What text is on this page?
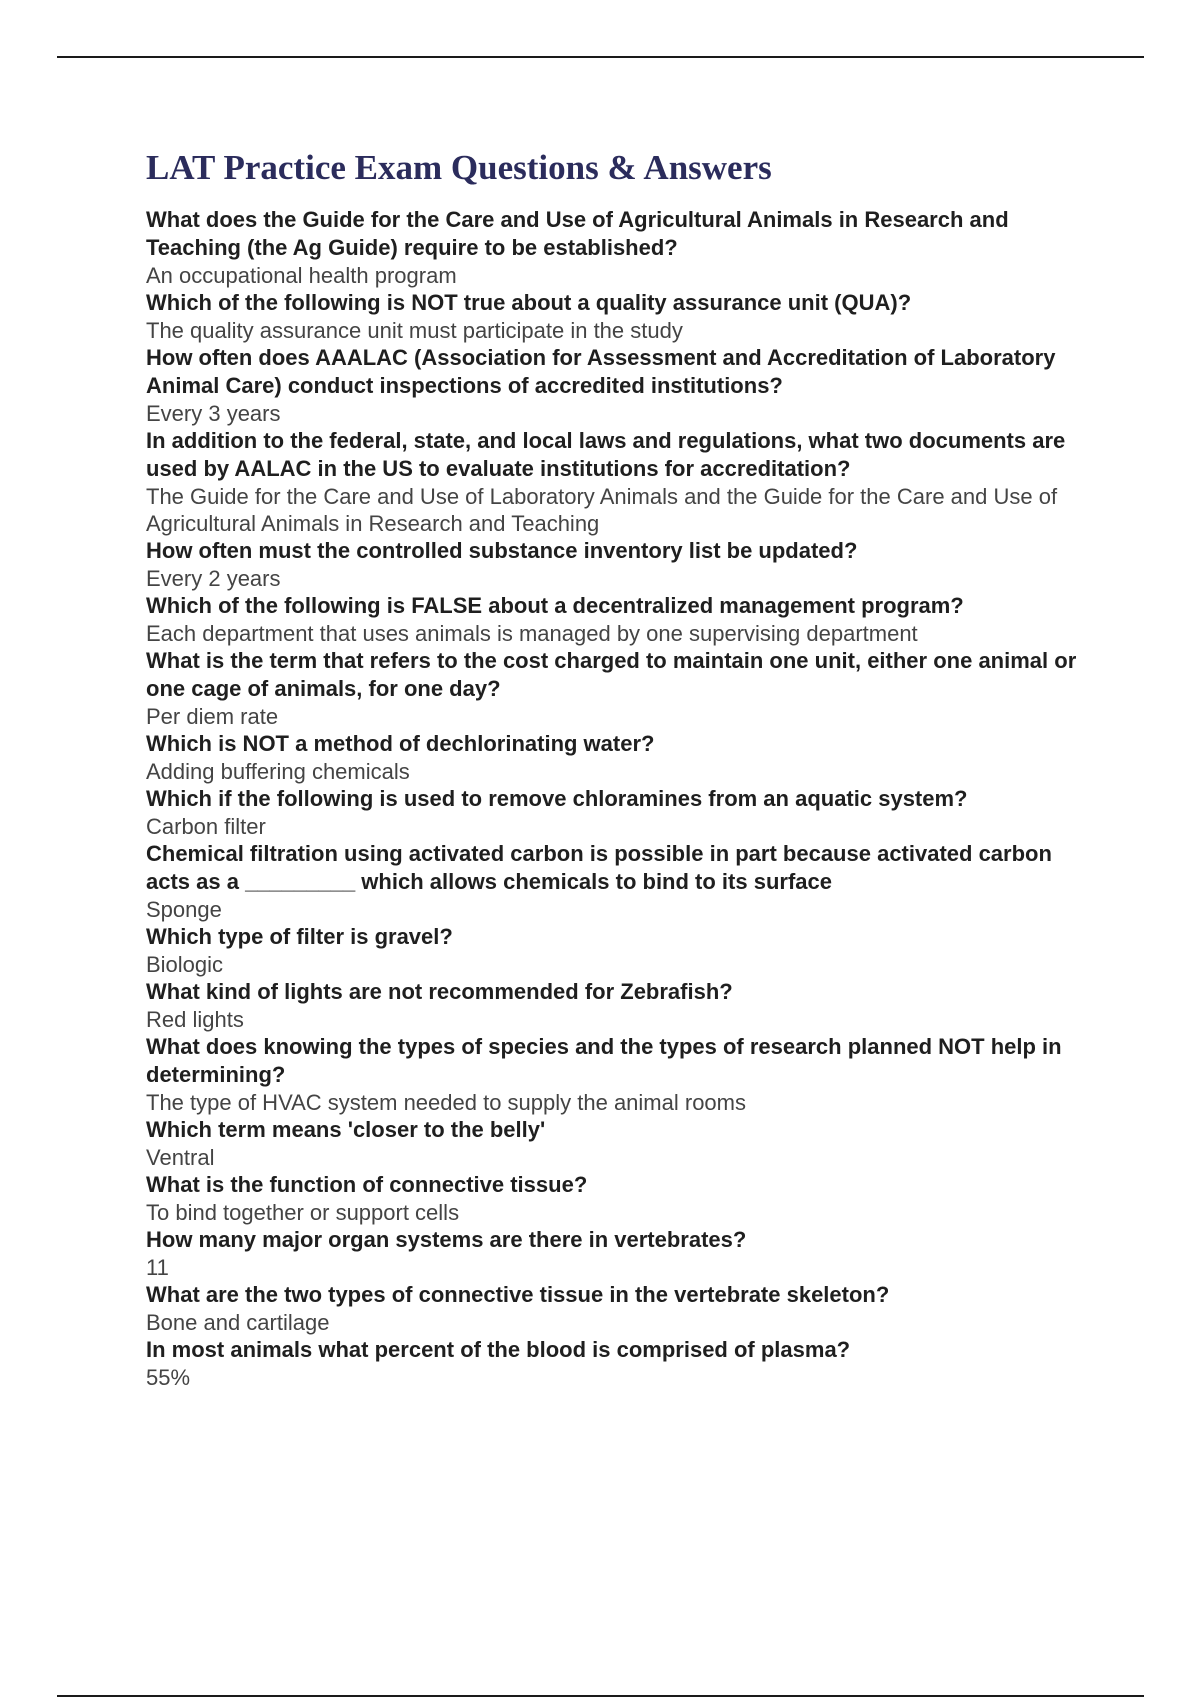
LAT Practice Exam Questions & Answers
What does the Guide for the Care and Use of Agricultural Animals in Research and Teaching (the Ag Guide) require to be established?
An occupational health program
Which of the following is NOT true about a quality assurance unit (QUA)?
The quality assurance unit must participate in the study
How often does AAALAC (Association for Assessment and Accreditation of Laboratory Animal Care) conduct inspections of accredited institutions?
Every 3 years
In addition to the federal, state, and local laws and regulations, what two documents are used by AALAC in the US to evaluate institutions for accreditation?
The Guide for the Care and Use of Laboratory Animals and the Guide for the Care and Use of Agricultural Animals in Research and Teaching
How often must the controlled substance inventory list be updated?
Every 2 years
Which of the following is FALSE about a decentralized management program?
Each department that uses animals is managed by one supervising department
What is the term that refers to the cost charged to maintain one unit, either one animal or one cage of animals, for one day?
Per diem rate
Which is NOT a method of dechlorinating water?
Adding buffering chemicals
Which if the following is used to remove chloramines from an aquatic system?
Carbon filter
Chemical filtration using activated carbon is possible in part because activated carbon acts as a _________ which allows chemicals to bind to its surface
Sponge
Which type of filter is gravel?
Biologic
What kind of lights are not recommended for Zebrafish?
Red lights
What does knowing the types of species and the types of research planned NOT help in determining?
The type of HVAC system needed to supply the animal rooms
Which term means 'closer to the belly'
Ventral
What is the function of connective tissue?
To bind together or support cells
How many major organ systems are there in vertebrates?
11
What are the two types of connective tissue in the vertebrate skeleton?
Bone and cartilage
In most animals what percent of the blood is comprised of plasma?
55%
